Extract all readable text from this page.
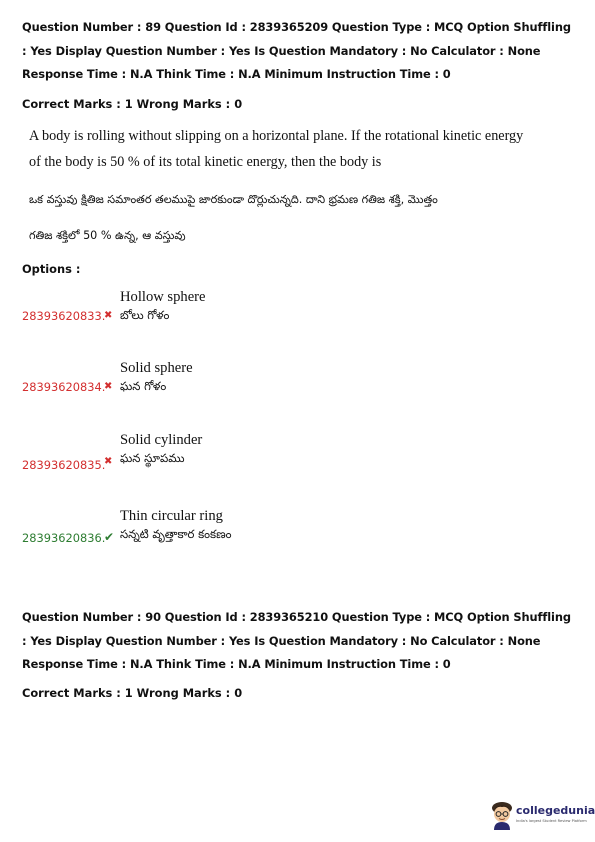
Question Number : 89 Question Id : 2839365209 Question Type : MCQ Option Shuffling : Yes Display Question Number : Yes Is Question Mandatory : No Calculator : None Response Time : N.A Think Time : N.A Minimum Instruction Time : 0
Correct Marks : 1 Wrong Marks : 0
A body is rolling without slipping on a horizontal plane. If the rotational kinetic energy
of the body is 50 % of its total kinetic energy, then the body is
ఒక వస్తువు క్షితిజ సమాంతర తలముపై జారకుండా దొర్లుచున్నది. దాని భ్రమణ గతిజ శక్తి, మొత్తం
గతిజ శక్తిలో 50 % ఉన్న, ఆ వస్తువు
Options :
28393620833.
✖
Hollow sphere
బోలు గోళం
28393620834.
✖
Solid sphere
ఘన గోళం
28393620835.
✖
Solid cylinder
ఘన స్థూపము
28393620836.
✔
Thin circular ring
సన్నటి వృత్తాకార కంకణం
Question Number : 90 Question Id : 2839365210 Question Type : MCQ Option Shuffling : Yes Display Question Number : Yes Is Question Mandatory : No Calculator : None Response Time : N.A Think Time : N.A Minimum Instruction Time : 0
Correct Marks : 1 Wrong Marks : 0
collegedunia
India's largest Student Review Platform
